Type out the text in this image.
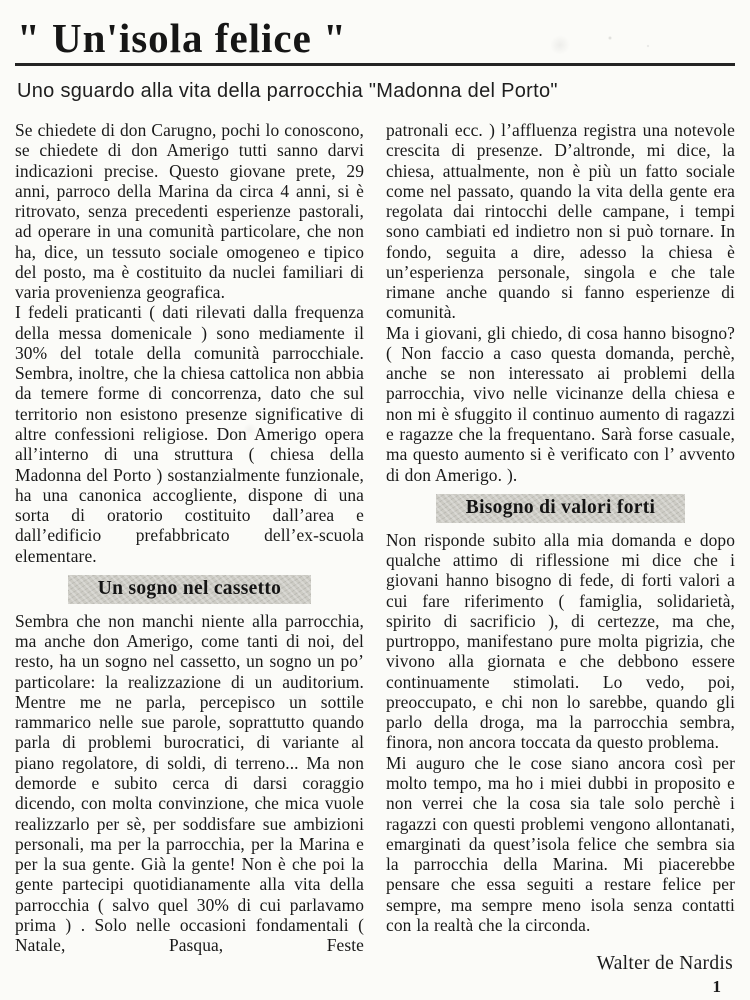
" Un'isola felice "

Uno sguardo alla vita della parrocchia "Madonna del Porto"

Se chiedete di don Carugno, pochi lo conoscono, se chiedete di don Amerigo tutti sanno darvi indicazioni precise. Questo giovane prete, 29 anni, parroco della Marina da circa 4 anni, si è ritrovato, senza precedenti esperienze pastorali, ad operare in una comunità particolare, che non ha, dice, un tessuto sociale omogeneo e tipico del posto, ma è costituito da nuclei familiari di varia provenienza geografica.

I fedeli praticanti ( dati rilevati dalla frequenza della messa domenicale ) sono mediamente il 30% del totale della comunità parrocchiale. Sembra, inoltre, che la chiesa cattolica non abbia da temere forme di concorrenza, dato che sul territorio non esistono presenze significative di altre confessioni religiose. Don Amerigo opera all’interno di una struttura ( chiesa della Madonna del Porto ) sostanzialmente funzionale, ha una canonica accogliente, dispone di una sorta di oratorio costituito dall’area e dall’edificio prefabbricato dell’ex-scuola elementare.

Un sogno nel cassetto

Sembra che non manchi niente alla parrocchia, ma anche don Amerigo, come tanti di noi, del resto, ha un sogno nel cassetto, un sogno un po’ particolare: la realizzazione di un auditorium. Mentre me ne parla, percepisco un sottile rammarico nelle sue parole, soprattutto quando parla di problemi burocratici, di variante al piano regolatore, di soldi, di terreno... Ma non demorde e subito cerca di darsi coraggio dicendo, con molta convinzione, che mica vuole realizzarlo per sè, per soddisfare sue ambizioni personali, ma per la parrocchia, per la Marina e per la sua gente. Già la gente! Non è che poi la gente partecipi quotidianamente alla vita della parrocchia ( salvo quel 30% di cui parlavamo prima ) . Solo nelle occasioni fondamentali ( Natale, Pasqua, Feste

patronali ecc. ) l’affluenza registra una notevole crescita di presenze. D’altronde, mi dice, la chiesa, attualmente, non è più un fatto sociale come nel passato, quando la vita della gente era regolata dai rintocchi delle campane, i tempi sono cambiati ed indietro non si può tornare. In fondo, seguita a dire, adesso la chiesa è un’esperienza personale, singola e che tale rimane anche quando si fanno esperienze di comunità.

Ma i giovani, gli chiedo, di cosa hanno bisogno? ( Non faccio a caso questa domanda, perchè, anche se non interessato ai problemi della parrocchia, vivo nelle vicinanze della chiesa e non mi è sfuggito il continuo aumento di ragazzi e ragazze che la frequentano. Sarà forse casuale, ma questo aumento si è verificato con l’ avvento di don Amerigo. ).

Bisogno di valori forti

Non risponde subito alla mia domanda e dopo qualche attimo di riflessione mi dice che i giovani hanno bisogno di fede, di forti valori a cui fare riferimento ( famiglia, solidarietà, spirito di sacrificio ), di certezze, ma che, purtroppo, manifestano pure molta pigrizia, che vivono alla giornata e che debbono essere continuamente stimolati. Lo vedo, poi, preoccupato, e chi non lo sarebbe, quando gli parlo della droga, ma la parrocchia sembra, finora, non ancora toccata da questo problema.

Mi auguro che le cose siano ancora così per molto tempo, ma ho i miei dubbi in proposito e non verrei che la cosa sia tale solo perchè i ragazzi con questi problemi vengono allontanati, emarginati da quest’isola felice che sembra sia la parrocchia della Marina. Mi piacerebbe pensare che essa seguiti a restare felice per sempre, ma sempre meno isola senza contatti con la realtà che la circonda.

Walter de Nardis

1
